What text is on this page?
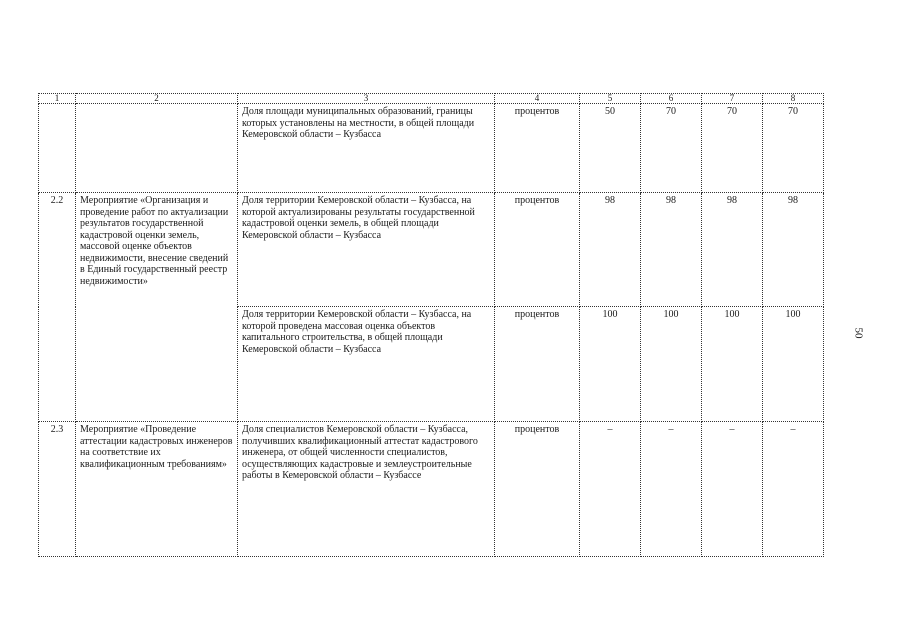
1	2	3	4	5	6	7	8
		Доля площади муниципальных образований, границы которых установлены на местности, в общей площади Кемеровской области – Кузбасса	процентов	50	70	70	70
2.2	Мероприятие «Организация и проведение работ по актуализации результатов государственной кадастровой оценки земель, массовой оценке объектов недвижимости, внесение сведений в Единый государственный реестр недвижимости»	Доля территории Кемеровской области – Кузбасса, на которой актуализированы результаты государственной кадастровой оценки земель, в общей площади Кемеровской области – Кузбасса	процентов	98	98	98	98
		Доля территории Кемеровской области – Кузбасса, на которой проведена массовая оценка объектов капитального строительства, в общей площади Кемеровской области – Кузбасса	процентов	100	100	100	100
2.3	Мероприятие «Проведение аттестации кадастровых инженеров на соответствие их квалификационным требованиям»	Доля специалистов Кемеровской области – Кузбасса, получивших квалификационный аттестат кадастрового инженера, от общей численности специалистов, осуществляющих кадастровые и землеустроительные работы в Кемеровской области – Кузбассе	процентов	–	–	–	–
50
